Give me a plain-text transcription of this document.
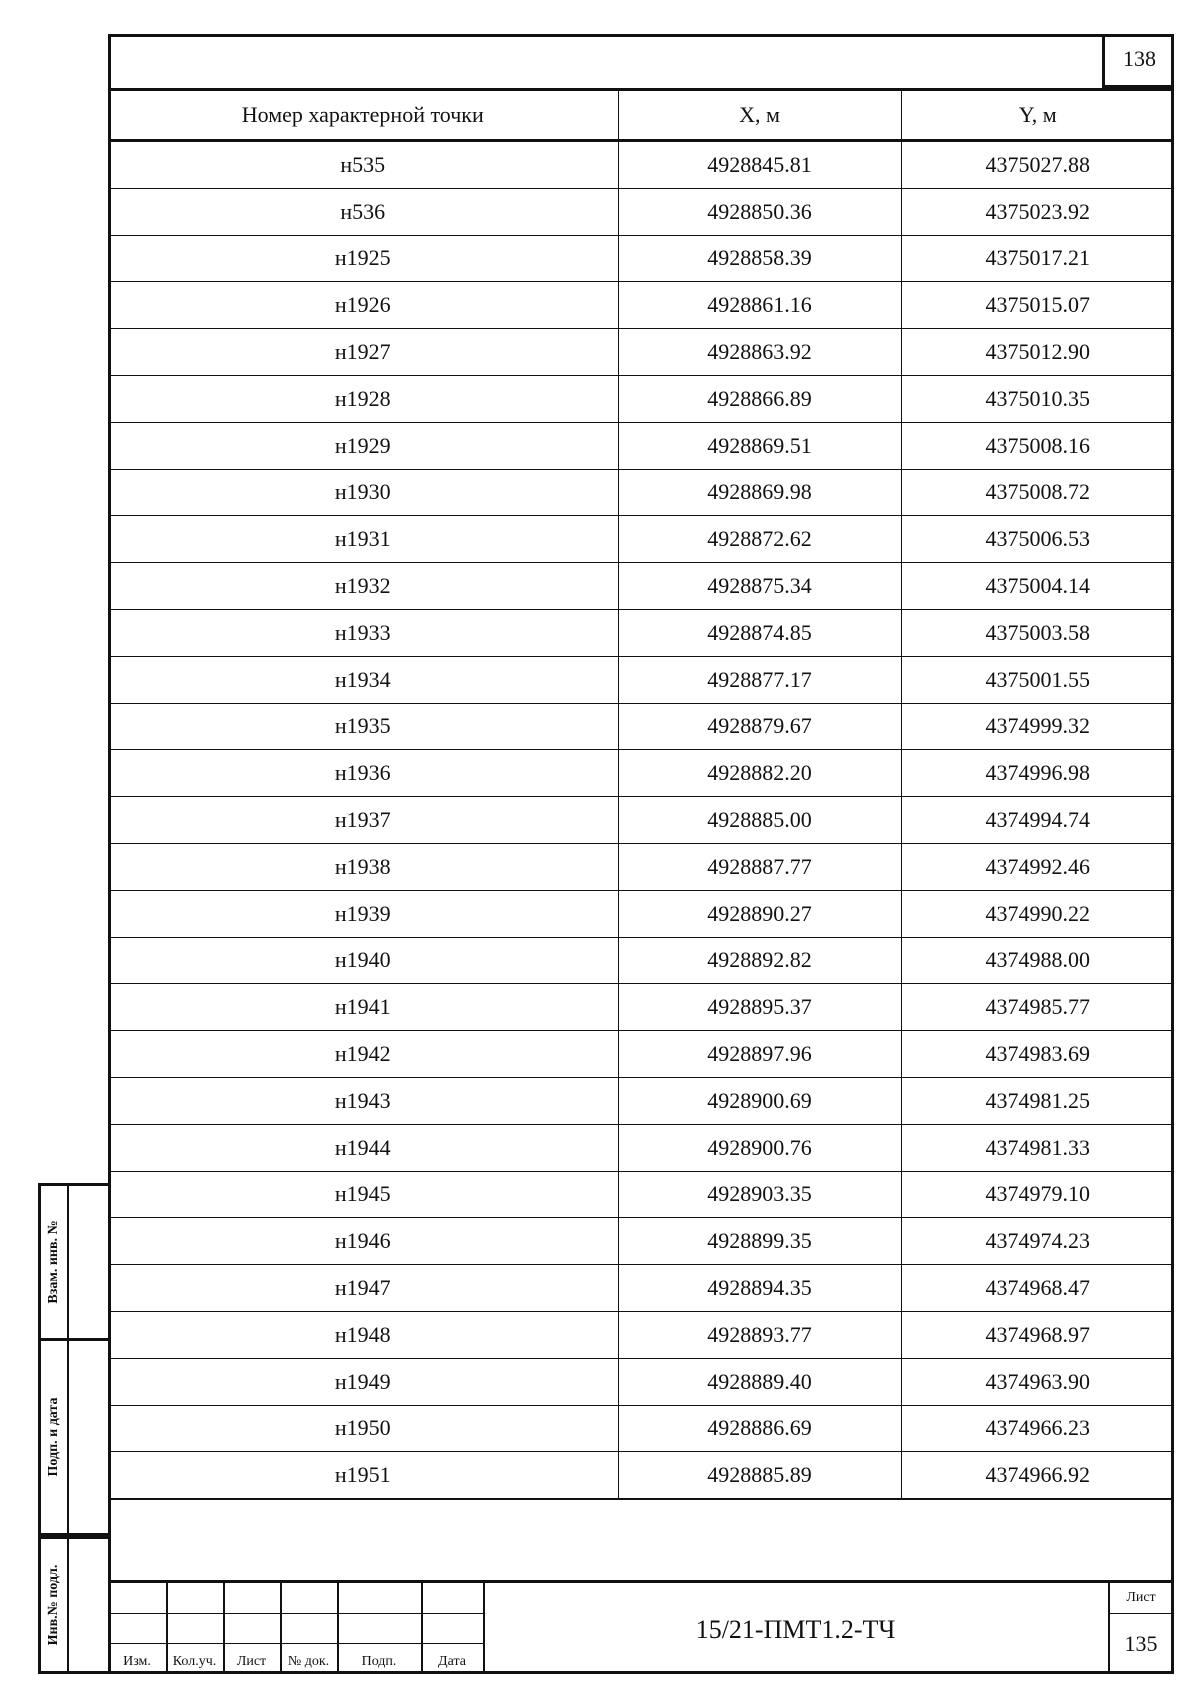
138
Номер характерной точки	X, м	Y, м
н535	4928845.81	4375027.88
н536	4928850.36	4375023.92
н1925	4928858.39	4375017.21
н1926	4928861.16	4375015.07
н1927	4928863.92	4375012.90
н1928	4928866.89	4375010.35
н1929	4928869.51	4375008.16
н1930	4928869.98	4375008.72
н1931	4928872.62	4375006.53
н1932	4928875.34	4375004.14
н1933	4928874.85	4375003.58
н1934	4928877.17	4375001.55
н1935	4928879.67	4374999.32
н1936	4928882.20	4374996.98
н1937	4928885.00	4374994.74
н1938	4928887.77	4374992.46
н1939	4928890.27	4374990.22
н1940	4928892.82	4374988.00
н1941	4928895.37	4374985.77
н1942	4928897.96	4374983.69
н1943	4928900.69	4374981.25
н1944	4928900.76	4374981.33
н1945	4928903.35	4374979.10
н1946	4928899.35	4374974.23
н1947	4928894.35	4374968.47
н1948	4928893.77	4374968.97
н1949	4928889.40	4374963.90
н1950	4928886.69	4374966.23
н1951	4928885.89	4374966.92
Взам. инв. №
Подп. и дата
Инв.№ подл.
Изм.	Кол.уч.	Лист	№ док.	Подп.	Дата
15/21-ПМТ1.2-ТЧ
Лист
135
